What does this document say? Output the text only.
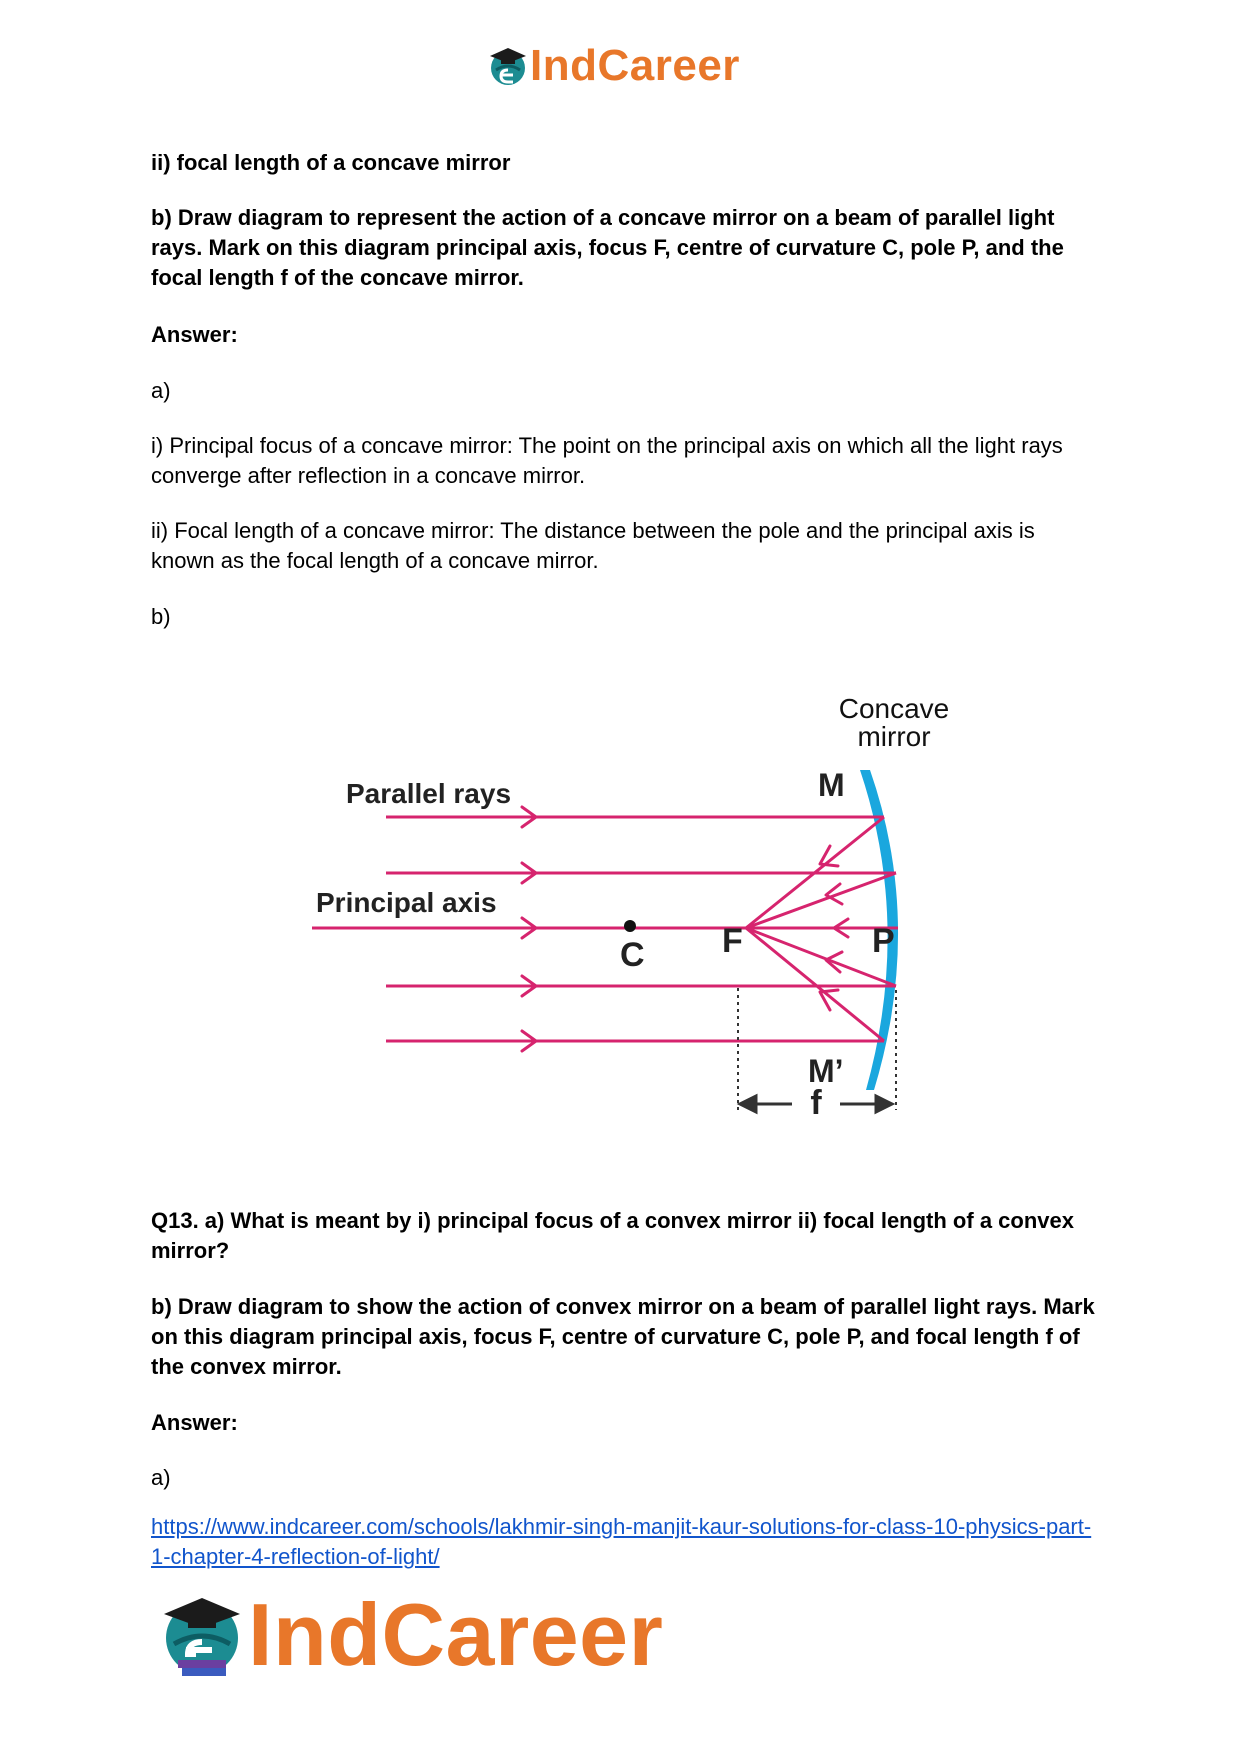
IndCareer

ii) focal length of a concave mirror

b) Draw diagram to represent the action of a concave mirror on a beam of parallel light rays. Mark on this diagram principal axis, focus F, centre of curvature C, pole P, and the focal length f of the concave mirror.

Answer:

a)

i) Principal focus of a concave mirror: The point on the principal axis on which all the light rays converge after reflection in a concave mirror.

ii) Focal length of a concave mirror: The distance between the pole and the principal axis is known as the focal length of a concave mirror.

b)

Concave
mirror
Parallel rays
Principal axis
M
M’
C F	P
f

Q13. a) What is meant by i) principal focus of a convex mirror ii) focal length of a convex mirror?

b) Draw diagram to show the action of convex mirror on a beam of parallel light rays. Mark on this diagram principal axis, focus F, centre of curvature C, pole P, and focal length f of the convex mirror.

Answer:

a)

https://www.indcareer.com/schools/lakhmir-singh-manjit-kaur-solutions-for-class-10-physics-part-1-chapter-4-reflection-of-light/
IndCareer
